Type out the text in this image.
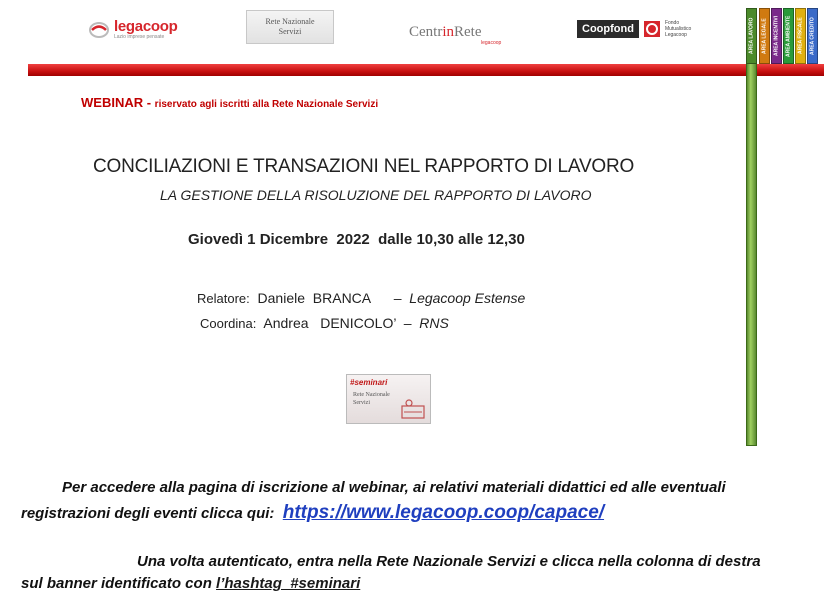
legacoop
Lazio imprese pensate
Rete Nazionale
Servizi	CentrinRete
legacoop
Coopfond	Fondo
Mutualistico
Legacoop	AREA LAVORO AREA LEGALE AREA INCENTIVI AREA AMBIENTE AREA FISCALE AREA CREDITO
WEBINAR - riservato agli iscritti alla Rete Nazionale Servizi
CONCILIAZIONI E TRANSAZIONI NEL RAPPORTO DI LAVORO
LA GESTIONE DELLA RISOLUZIONE DEL RAPPORTO DI LAVORO
Giovedì 1 Dicembre  2022  dalle 10,30 alle 12,30
Relatore: Daniele  BRANCA – Legacoop Estense
Coordina: Andrea   DENICOLO’ – RNS
#seminari
Rete Nazionale
Servizi
Per accedere alla pagina di iscrizione al webinar, ai relativi materiali didattici ed alle eventuali
registrazioni degli eventi clicca qui:  https://www.legacoop.coop/capace/
Una volta autenticato, entra nella Rete Nazionale Servizi e clicca nella colonna di destra
sul banner identificato con l’hashtag  #seminari
